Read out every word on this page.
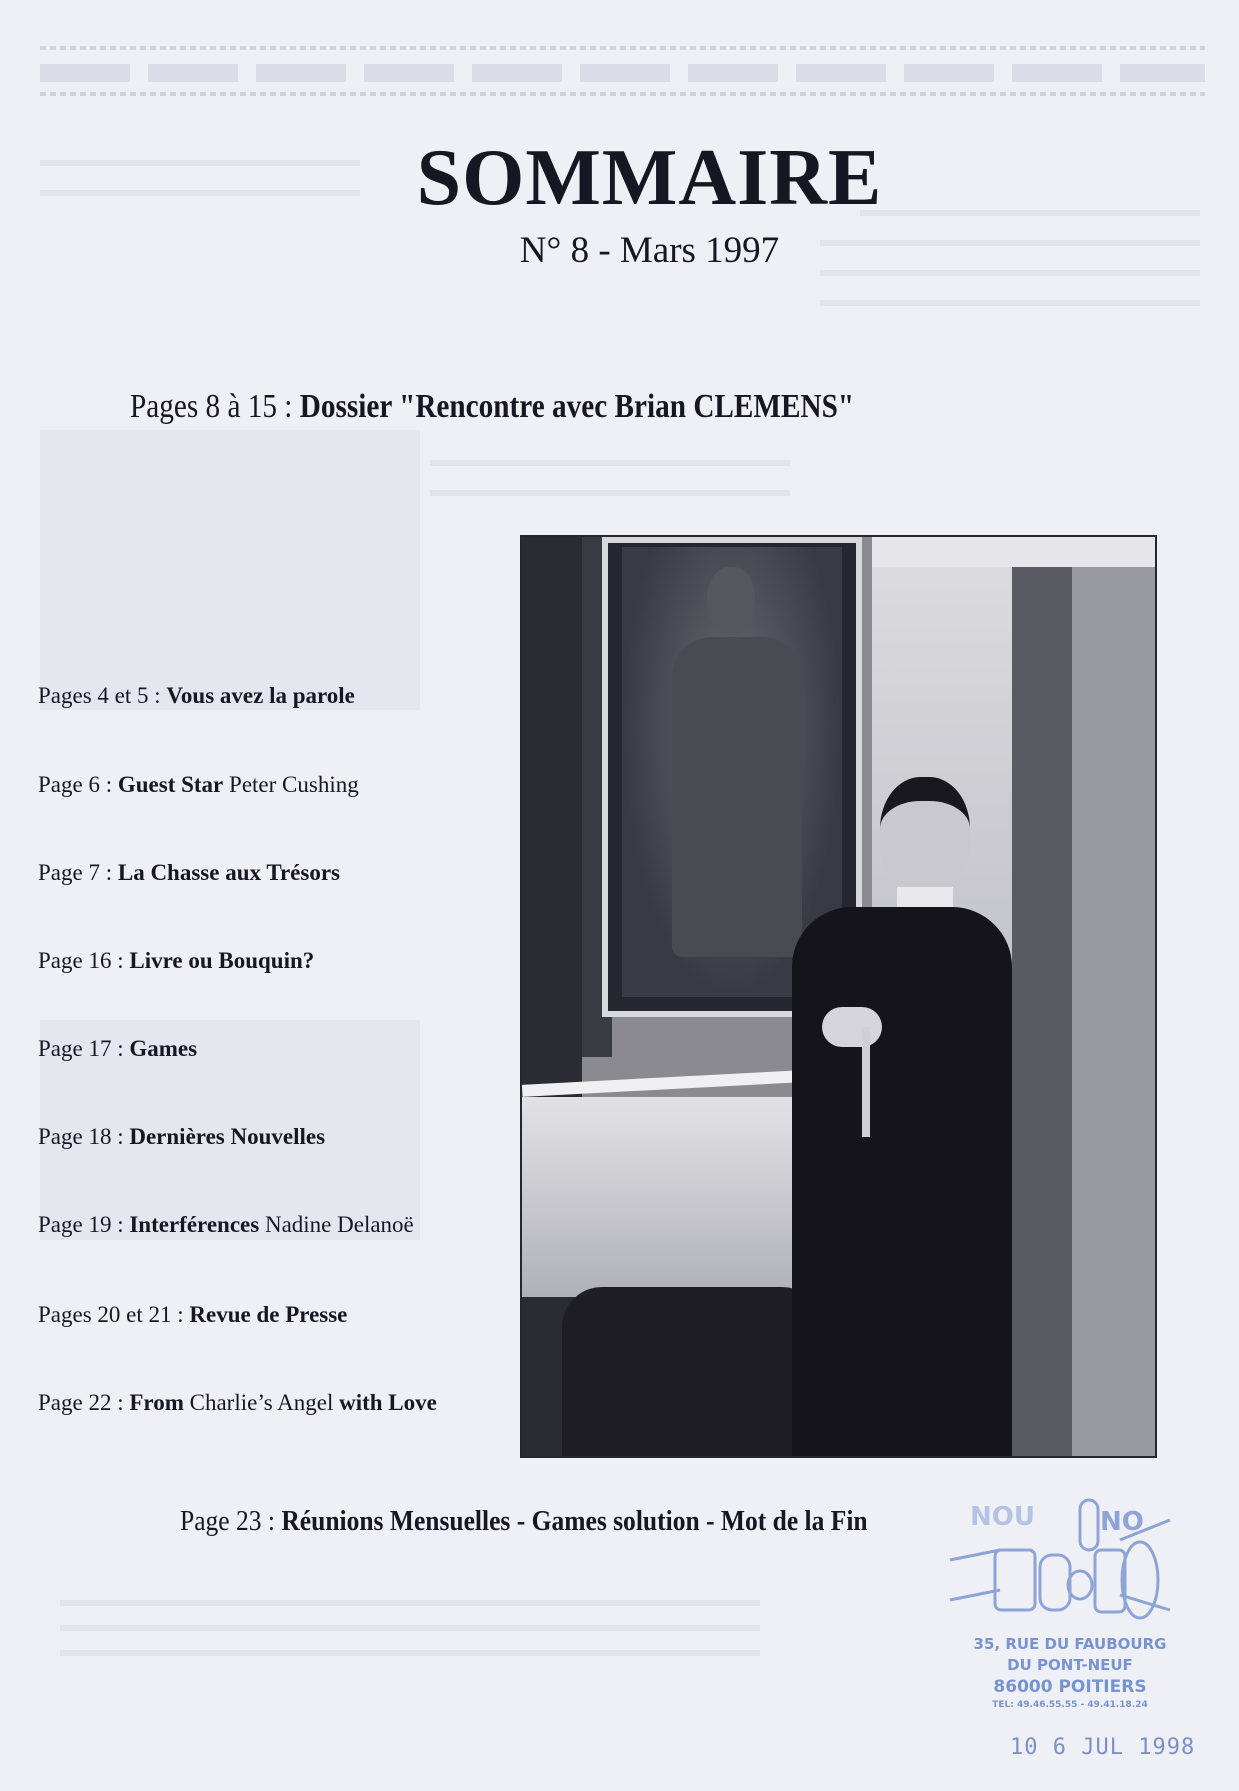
SOMMAIRE
N° 8 - Mars 1997
Pages 8 à 15 : Dossier "Rencontre avec Brian CLEMENS"
Pages 4 et 5 : Vous avez la parole
Page 6 : Guest Star Peter Cushing
Page 7 : La Chasse aux Trésors
Page 16 : Livre ou Bouquin?
Page 17 : Games
Page 18 : Dernières Nouvelles
Page 19 : Interférences Nadine Delanoë
Pages 20 et 21 : Revue de Presse
Page 22 : From Charlie’s Angel with Love
Page 23 : Réunions Mensuelles - Games solution - Mot de la Fin	NO
NOU
35, RUE DU FAUBOURG
DU PONT-NEUF
86000 POITIERS
TEL: 49.46.55.55 - 49.41.18.24
10 6 JUL 1998
